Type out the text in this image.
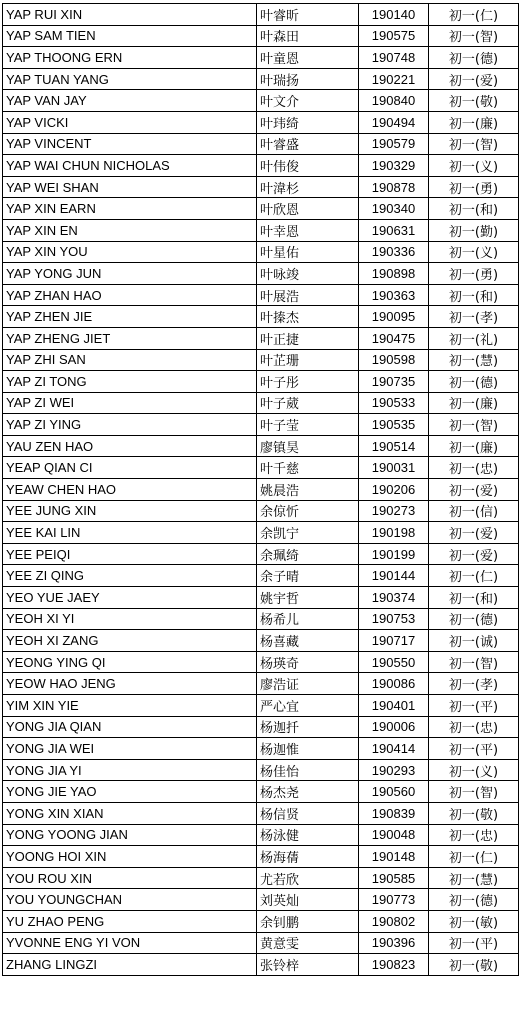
YAP RUI XIN	叶睿昕	190140	初一(仁)
YAP SAM TIEN	叶森田	190575	初一(智)
YAP THOONG ERN	叶童恩	190748	初一(德)
YAP TUAN YANG	叶瑞扬	190221	初一(爱)
YAP VAN JAY	叶文介	190840	初一(敬)
YAP VICKI	叶玮绮	190494	初一(廉)
YAP VINCENT	叶睿盛	190579	初一(智)
YAP WAI CHUN NICHOLAS	叶伟俊	190329	初一(义)
YAP WEI SHAN	叶湋杉	190878	初一(勇)
YAP XIN EARN	叶欣恩	190340	初一(和)
YAP XIN EN	叶幸恩	190631	初一(勤)
YAP XIN YOU	叶星佑	190336	初一(义)
YAP YONG JUN	叶咏竣	190898	初一(勇)
YAP ZHAN HAO	叶展浩	190363	初一(和)
YAP ZHEN JIE	叶搸杰	190095	初一(孝)
YAP ZHENG JIET	叶正捷	190475	初一(礼)
YAP ZHI SAN	叶芷珊	190598	初一(慧)
YAP ZI TONG	叶子彤	190735	初一(德)
YAP ZI WEI	叶子葳	190533	初一(廉)
YAP ZI YING	叶子莹	190535	初一(智)
YAU ZEN HAO	廖镇昊	190514	初一(廉)
YEAP QIAN CI	叶千慈	190031	初一(忠)
YEAW CHEN HAO	姚晨浩	190206	初一(爱)
YEE JUNG XIN	余倞忻	190273	初一(信)
YEE KAI LIN	余凯宁	190198	初一(爱)
YEE PEIQI	余珮绮	190199	初一(爱)
YEE ZI QING	余子晴	190144	初一(仁)
YEO YUE JAEY	姚宇哲	190374	初一(和)
YEOH XI YI	杨希儿	190753	初一(德)
YEOH XI ZANG	杨喜藏	190717	初一(诚)
YEONG YING QI	杨瑛奇	190550	初一(智)
YEOW HAO JENG	廖浩证	190086	初一(孝)
YIM XIN YIE	严心宜	190401	初一(平)
YONG JIA QIAN	杨迦扦	190006	初一(忠)
YONG JIA WEI	杨迦惟	190414	初一(平)
YONG JIA YI	杨佳怡	190293	初一(义)
YONG JIE YAO	杨杰尧	190560	初一(智)
YONG XIN XIAN	杨信贤	190839	初一(敬)
YONG YOONG JIAN	杨泳健	190048	初一(忠)
YOONG HOI XIN	杨海蒨	190148	初一(仁)
YOU ROU XIN	尤若欣	190585	初一(慧)
YOU YOUNGCHAN	刘英灿	190773	初一(德)
YU ZHAO PENG	余钊鹏	190802	初一(敏)
YVONNE ENG YI VON	黄意雯	190396	初一(平)
ZHANG LINGZI	张铃梓	190823	初一(敬)
